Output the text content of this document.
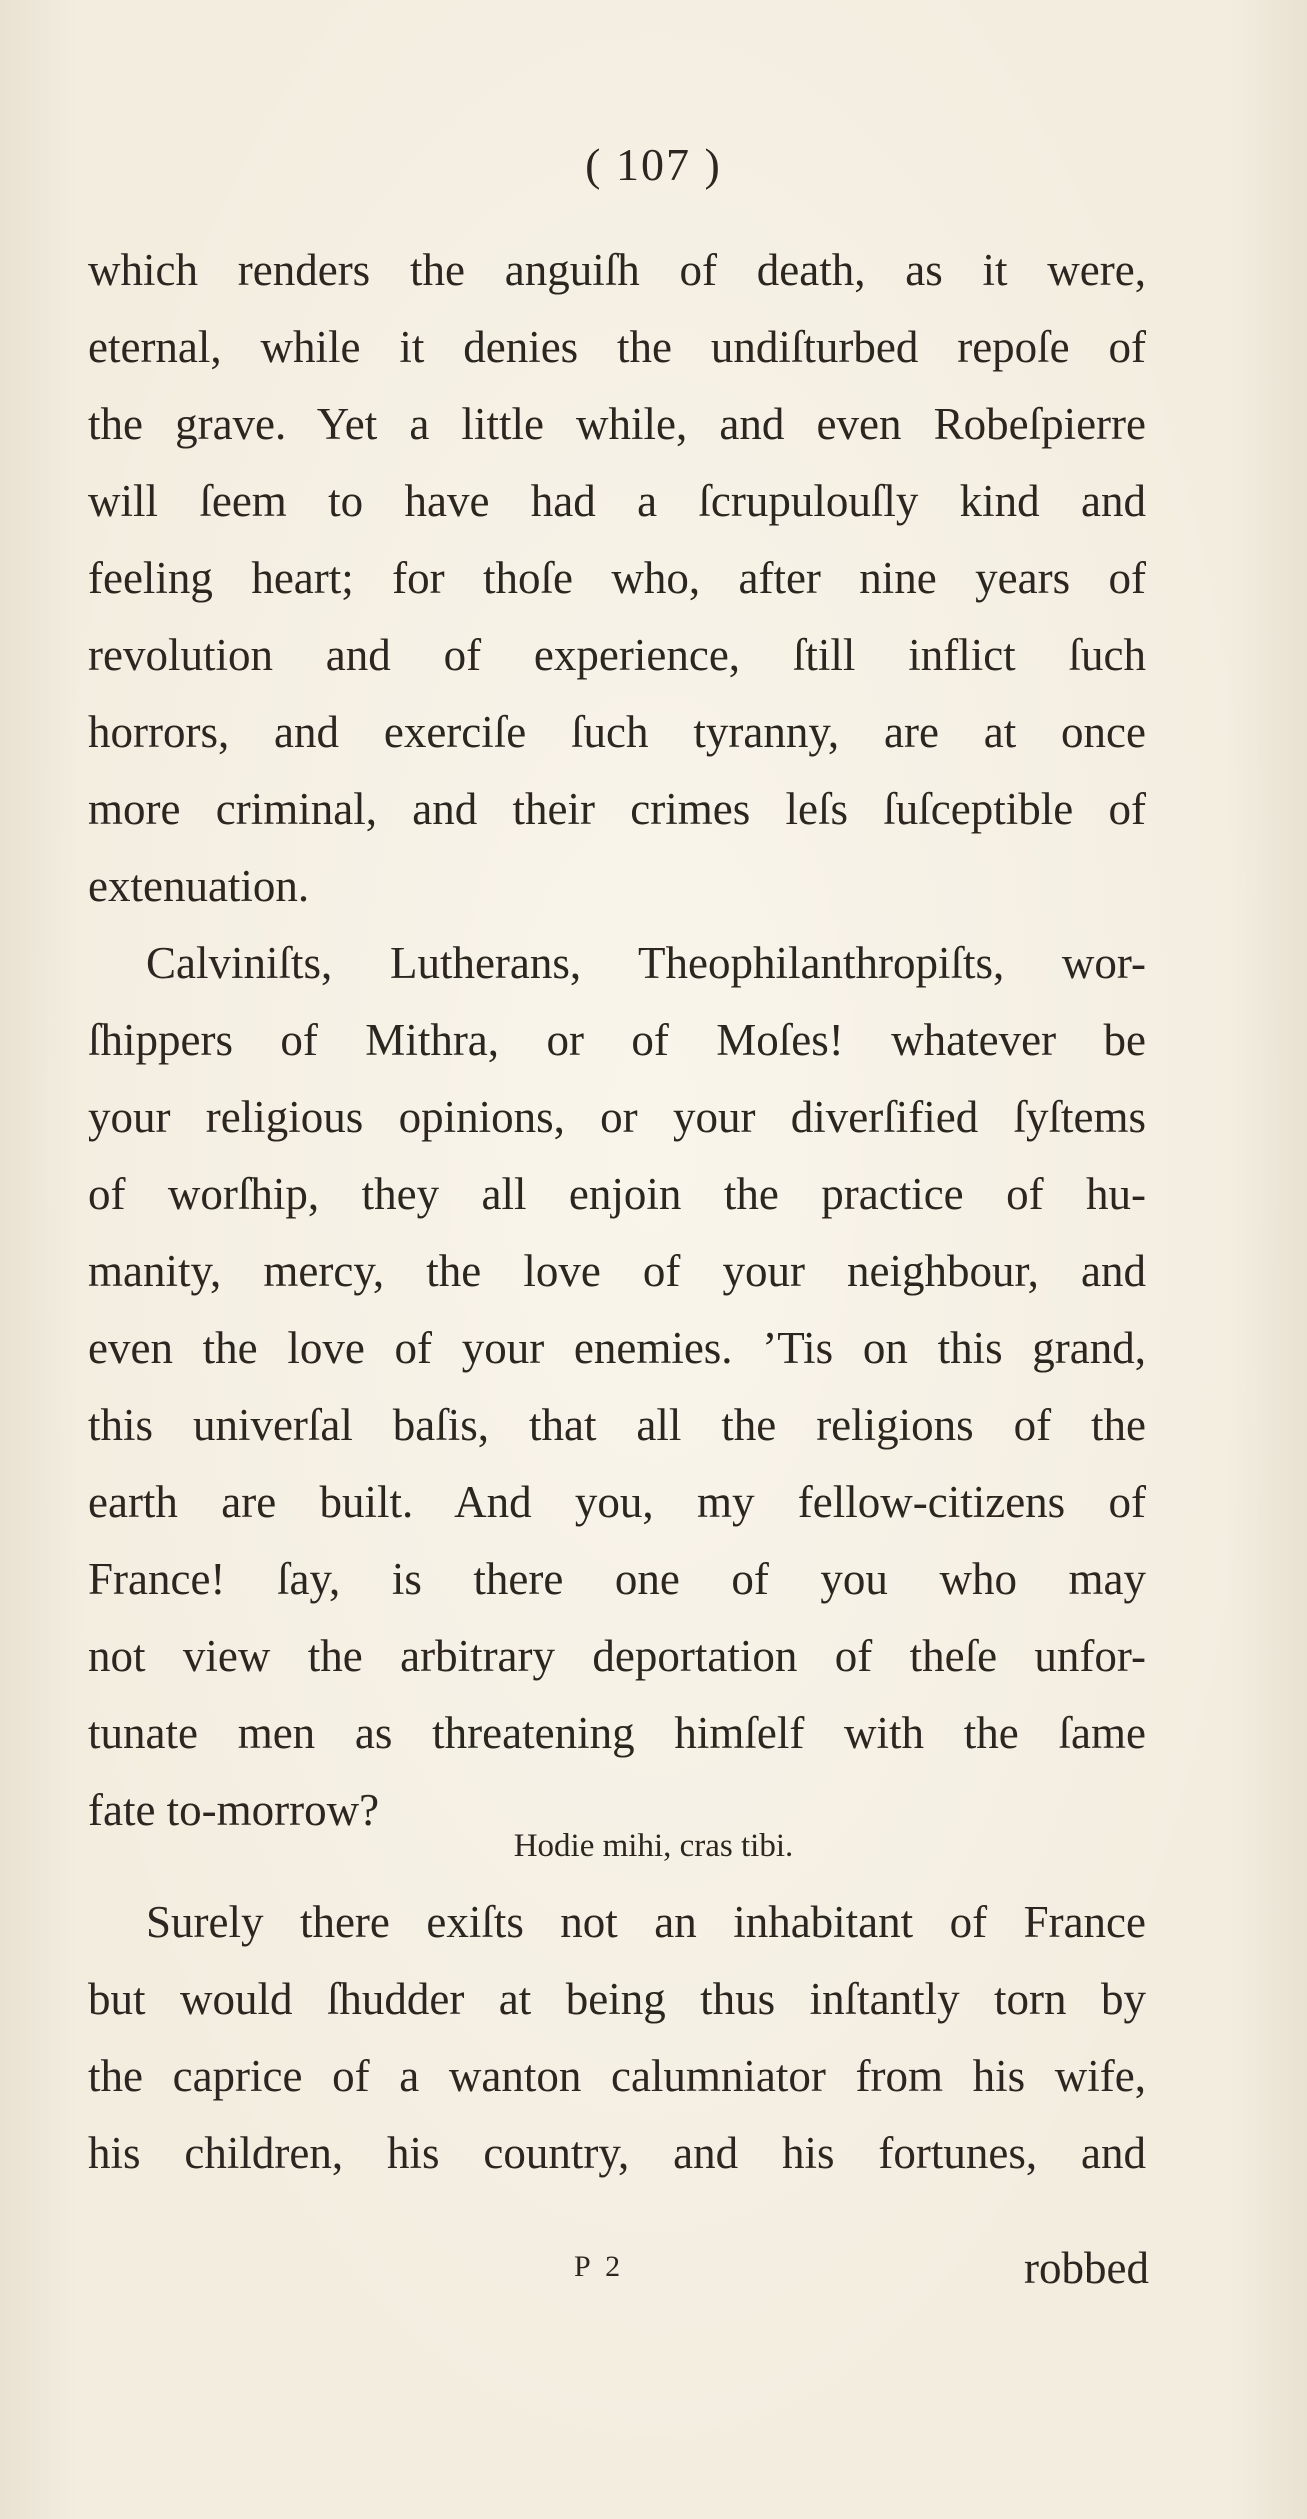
( 107 )
which renders the anguiſh of death, as it were,
eternal, while it denies the undiſturbed repoſe of
the grave. Yet a little while, and even Robeſpierre
will ſeem to have had a ſcrupulouſly kind and
feeling heart; for thoſe who, after nine years of
revolution and of experience, ſtill inflict ſuch
horrors, and exerciſe ſuch tyranny, are at once
more criminal, and their crimes leſs ſuſceptible of
extenuation.
Calviniſts, Lutherans, Theophilanthropiſts, wor-
ſhippers of Mithra, or of Moſes! whatever be
your religious opinions, or your diverſified ſyſtems
of worſhip, they all enjoin the practice of hu-
manity, mercy, the love of your neighbour, and
even the love of your enemies. ’Tis on this grand,
this univerſal baſis, that all the religions of the
earth are built. And you, my fellow-citizens of
France! ſay, is there one of you who may
not view the arbitrary deportation of theſe unfor-
tunate men as threatening himſelf with the ſame
fate to-morrow?
Hodie mihi, cras tibi.
Surely there exiſts not an inhabitant of France
but would ſhudder at being thus inſtantly torn by
the caprice of a wanton calumniator from his wife,
his children, his country, and his fortunes, and
P 2	robbed
